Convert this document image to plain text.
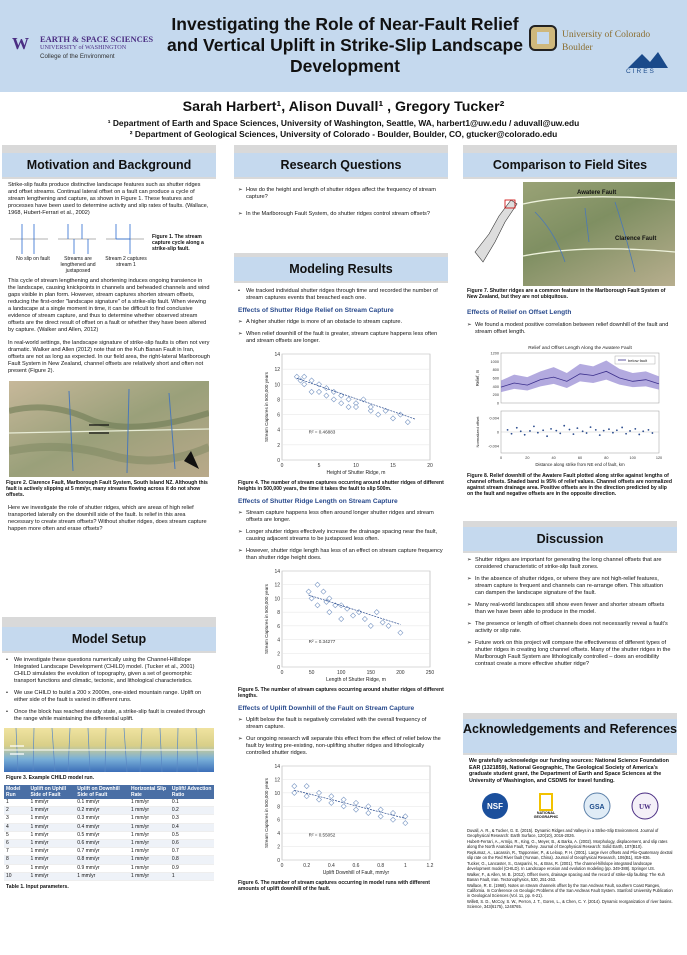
W	EARTH & SPACE SCIENCES
UNIVERSITY of WASHINGTON
College of the Environment
Investigating the Role of Near-Fault Relief and Vertical Uplift in Strike-Slip Landscape Development
University of Colorado
Boulder
CIRES
Sarah Harbert¹, Alison Duvall¹ , Gregory Tucker²
¹ Department of Earth and Space Sciences, University of Washington, Seattle, WA, harbert1@uw.edu / aduvall@uw.edu
² Department of Geological Sciences, University of Colorado - Boulder, Boulder, CO, gtucker@colorado.edu
Motivation and Background

Strike-slip faults produce distinctive landscape features such as shutter ridges and offset streams. Continual lateral offset on a fault can produce a cycle of stream lengthening and capture, as shown in Figure 1. These features and processes have been used to determine activity and slip rates of faults. (Wallace, 1968, Hubert-Ferrari et al., 2002)

No slip on fault	Streams are lengthened and juxtaposed
Stream 2 captures stream 1
Figure 1. The stream capture cycle along a strike-slip fault.

This cycle of stream lengthening and shortening induces ongoing transience in the landscape, causing knickpoints in channels and beheaded channels and wind gaps visible in plan form. However, stream captures shorten stream offsets, reducing the first-order "landscape signature" of a strike-slip fault. When viewing a landscape at a single moment in time, it can be difficult to find conclusive evidence of stream capture, and thus to determine whether observed stream offsets are the direct result of offset on a fault or whether they have been altered by capture. (Walker and Allen, 2012)

In real-world settings, the landscape signature of strike-slip faults is often not very dramatic. Walker and Allen (2012) note that on the Kuh Banan Fault in Iran, offsets are not as long as expected. In our field area, the right-lateral Marlborough Fault System in New Zealand, channel offsets are relatively short and often not present (Figure 2).

Figure 2. Clarence Fault, Marlborough Fault System, South Island NZ. Although this fault is actively slipping at 5 mm/yr, many streams flowing across it do not show offsets.

Here we investigate the role of shutter ridges, which are areas of high relief transported laterally on the downhill side of the fault. Is relief in this area necessary to create stream offsets? Without shutter ridges, does stream capture happen more often and erase offsets?

Model Setup
• We investigate these questions numerically using the Channel-Hillslope Integrated Landscape Development (CHILD) model. (Tucker et al., 2001) CHILD simulates the evolution of topography, given a set of geomorphic transport functions and climatic, tectonic, and lithological characteristics.
• We use CHILD to build a 200 x 2000m, one-sided mountain range. Uplift on either side of the fault is varied in different runs.
• Once the block has reached steady state, a strike-slip fault is created through the range while maintaining the differential uplift.
Figure 3. Example CHILD model run.
Model Run	Uplift on Uphill Side of Fault	Uplift on Downhill Side of Fault	Horizontal Slip Rate	Uplift/ Advection Ratio
1	1 mm/yr	0.1 mm/yr	1 mm/yr	0.1
2	1 mm/yr	0.2 mm/yr	1 mm/yr	0.2
3	1 mm/yr	0.3 mm/yr	1 mm/yr	0.3
4	1 mm/yr	0.4 mm/yr	1 mm/yr	0.4
5	1 mm/yr	0.5 mm/yr	1 mm/yr	0.5
6	1 mm/yr	0.6 mm/yr	1 mm/yr	0.6
7	1 mm/yr	0.7 mm/yr	1 mm/yr	0.7
8	1 mm/yr	0.8 mm/yr	1 mm/yr	0.8
9	1 mm/yr	0.9 mm/yr	1 mm/yr	0.9
10	1 mm/yr	1 mm/yr	1 mm/yr	1
Table 1. Input parameters.
Research Questions
➢ How do the height and length of shutter ridges affect the frequency of stream capture?
➢ In the Marlborough Fault System, do shutter ridges control stream offsets?
Modeling Results
• We tracked individual shutter ridges through time and recorded the number of stream captures events that breached each one.
Effects of Shutter Ridge Relief on Stream Capture
➢ A higher shutter ridge is more of an obstacle to stream capture.
➢ When relief downhill of the fault is greater, stream capture happens less often and stream offsets are longer.
0
2
4
6
8
10
12
14
0	5	10	15	20
R² = 0.46883
Height of Shutter Ridge, m
Stream Captures in 500,000 years
Figure 4. The number of stream captures occurring around shutter ridges of different heights in 500,000 years, the time it takes the fault to slip 500m.
Effects of Shutter Ridge Length on Stream Capture
➢ Stream capture happens less often around longer shutter ridges and stream offsets are longer.
➢ Longer shutter ridges effectively increase the drainage spacing near the fault, causing adjacent streams to be juxtaposed less often.
➢ However, shutter ridge length has less of an effect on stream capture frequency than shutter ridge height does.
0
2
4
6
8
10
12
14
0	50	100	150	200	250
R² = 0.34277
Length of Shutter Ridge, m
Stream Captures in 500,000 years
Figure 5. The number of stream captures occurring around shutter ridges of different lengths.
Effects of Uplift Downhill of the Fault on Stream Capture
➢ Uplift below the fault is negatively correlated with the overall frequency of stream capture.
➢ Our ongoing research will separate this effect from the effect of relief below the fault by testing pre-existing, non-uplifting shutter ridges and lithologically controlled shutter ridges.
0
2
4
6
8
10
12
14
0	0.2	0.4	0.6	0.8	1	1.2
R² = 0.55052
Uplift Downhill of Fault, mm/yr
Stream Captures in 500,000 years
Figure 6. The number of stream captures occurring in model runs with different amounts of uplift downhill of the fault.
Comparison to Field Sites
Awatere Fault
Clarence Fault
Figure 7. Shutter ridges are a common feature in the Marlborough Fault System of New Zealand, but they are not ubiquitous.
Effects of Relief on Offset Length
➢ We found a modest positive correlation between relief downhill of the fault and stream offset length.
Relief and Offset Length Along the Awatere Fault
0
200
400
600
800
1000
1200
below fault
Relief, m
-0.004
0
0.004
0	20	40	60	80	100	120
Distance along strike from NE end of fault, km
Normalized offset
Figure 8. Relief downhill of the Awatere Fault plotted along strike against lengths of channel offsets. Shaded band is 95% of relief values. Channel offsets are normalized against stream drainage area. Positive offsets are in the direction predicted by slip on the fault and negative offsets are in the opposite direction.
Discussion
➢ Shutter ridges are important for generating the long channel offsets that are considered characteristic of strike-slip fault zones.
➢ In the absence of shutter ridges, or where they are not high-relief features, stream capture is frequent and channels can re-arrange often. This situation can dampen the landscape signature of the fault.
➢ Many real-world landscapes still show even fewer and shorter stream offsets than we have been able to produce in the model.
➢ The presence or length of offset channels does not necessarily reveal a fault's activity or slip rate.
➢ Future work on this project will compare the effectiveness of different types of shutter ridges in creating long channel offsets. Many of the shutter ridges in the Marlborough Fault System are lithologically controlled – does an erodibility contrast create a more effective shutter ridge?
Acknowledgements and References

We gratefully acknowledge our funding sources: National Science Foundation EAR (1321859), National Geographic, The Geological Society of America's graduate student grant, the Department of Earth and Space Sciences at the University of Washington, and CSDMS for travel funding.

NSF
NATIONAL GEOGRAPHIC
GSA	UW
Duvall, A. R., & Tucker, G. E. (2015). Dynamic Ridges and Valleys in a Strike-Slip Environment. Journal of Geophysical Research: Earth Surface, 120(10), 2016-2026.
Hubert-Ferrari, A., Armijo, R., King, G., Meyer, B., & Barka, A. (2002). Morphology, displacement, and slip rates along the North Anatolian Fault, Turkey. Journal of Geophysical Research: Solid Earth, 107(B10).
Replumaz, A., Lacassin, R., Tapponnier, P., & Leloup, P. H. (2001). Large river offsets and Plio-Quaternary dextral slip rate on the Red River fault (Yunnan, China). Journal of Geophysical Research, 106(B1), 819-836.
Tucker, G., Lancaster, S., Gasparini, N., & Bras, R. (2001). The channel-hillslope integrated landscape development model (CHILD). In Landscape erosion and evolution modeling (pp. 349-388). Springer US.
Walker, F., & Allen, M. B. (2012). Offset rivers, drainage spacing and the record of strike-slip faulting: The Kuh Banan Fault, Iran. Tectonophysics, 530, 251-263.
Wallace, R. E. (1968). Notes on stream channels offset by the San Andreas Fault, southern Coast Ranges, California. In Conference on Geologic Problems of the San Andreas Fault System. Stanford University Publication in Geological Sciences (Vol. 11, pp. 6-21).
Willett, S. D., McCoy, S. W., Perron, J. T., Goren, L., & Chen, C. Y. (2014). Dynamic reorganization of river basins. Science, 343(6175), 1248765.
